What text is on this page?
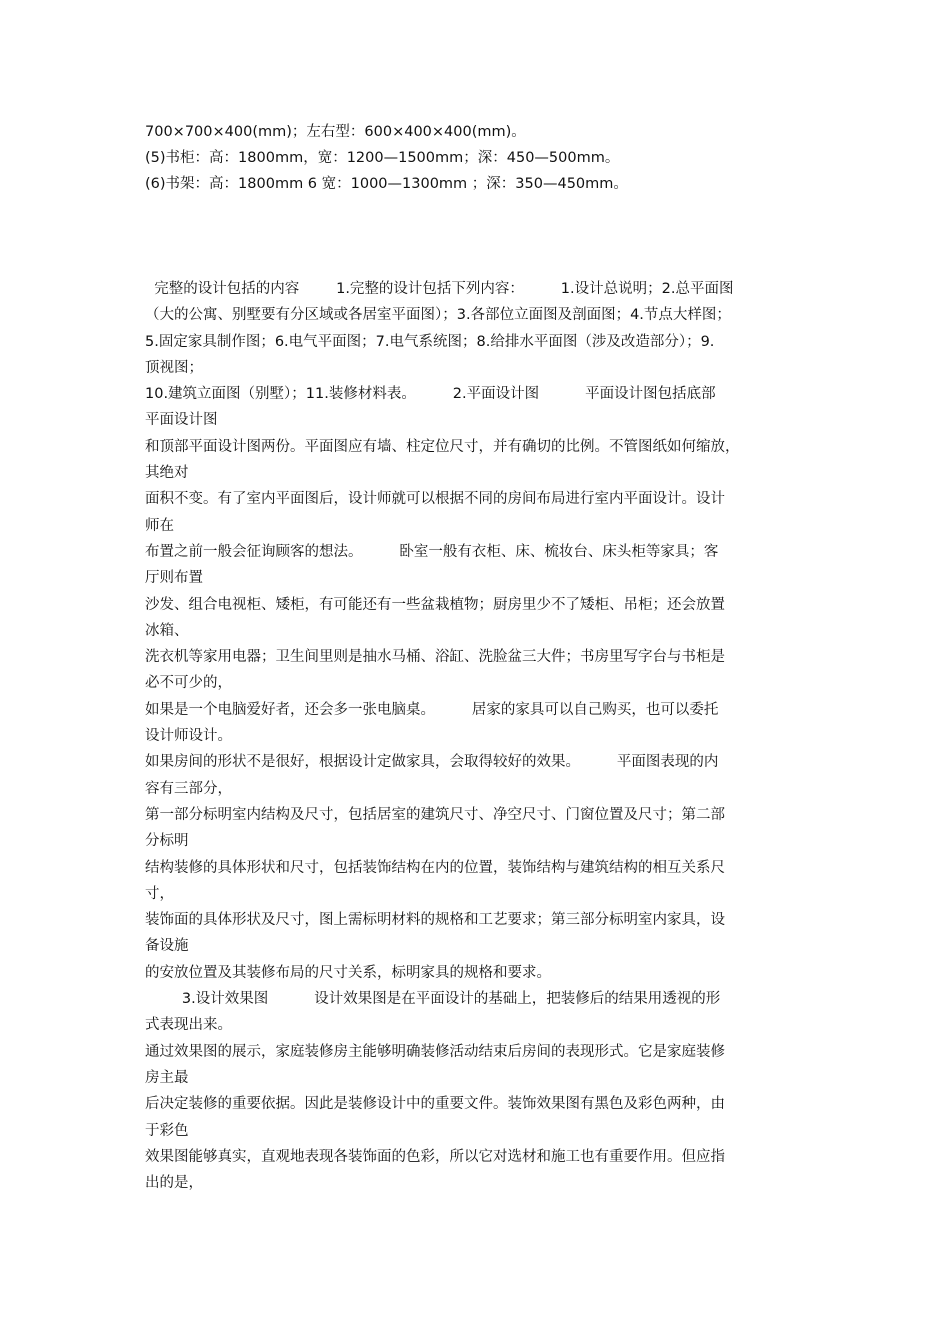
700×700×400(mm)；左右型：600×400×400(mm)。
(5)书柜：高：1800mm，宽：1200—1500mm；深：450—500mm。
(6)书架：高：1800mm 6 宽：1000—1300mm ；深：350—450mm。
完整的设计包括的内容        1.完整的设计包括下列内容：        1.设计总说明；2.总平面图
（大的公寓、别墅要有分区域或各居室平面图）；3.各部位立面图及剖面图；4.节点大样图；
5.固定家具制作图；6.电气平面图；7.电气系统图；8.给排水平面图（涉及改造部分）；9.
顶视图；
10.建筑立面图（别墅）；11.装修材料表。        2.平面设计图          平面设计图包括底部
平面设计图
和顶部平面设计图两份。平面图应有墙、柱定位尺寸，并有确切的比例。不管图纸如何缩放，
其绝对
面积不变。有了室内平面图后，设计师就可以根据不同的房间布局进行室内平面设计。设计
师在
布置之前一般会征询顾客的想法。        卧室一般有衣柜、床、梳妆台、床头柜等家具；客
厅则布置
沙发、组合电视柜、矮柜，有可能还有一些盆栽植物；厨房里少不了矮柜、吊柜；还会放置
冰箱、
洗衣机等家用电器；卫生间里则是抽水马桶、浴缸、洗脸盆三大件；书房里写字台与书柜是
必不可少的，
如果是一个电脑爱好者，还会多一张电脑桌。        居家的家具可以自己购买，也可以委托
设计师设计。
如果房间的形状不是很好，根据设计定做家具，会取得较好的效果。        平面图表现的内
容有三部分，
第一部分标明室内结构及尺寸，包括居室的建筑尺寸、净空尺寸、门窗位置及尺寸；第二部
分标明
结构装修的具体形状和尺寸，包括装饰结构在内的位置，装饰结构与建筑结构的相互关系尺
寸，
装饰面的具体形状及尺寸，图上需标明材料的规格和工艺要求；第三部分标明室内家具，设
备设施
的安放位置及其装修布局的尺寸关系，标明家具的规格和要求。
3.设计效果图          设计效果图是在平面设计的基础上，把装修后的结果用透视的形
式表现出来。
通过效果图的展示，家庭装修房主能够明确装修活动结束后房间的表现形式。它是家庭装修
房主最
后决定装修的重要依据。因此是装修设计中的重要文件。装饰效果图有黑色及彩色两种，由
于彩色
效果图能够真实，直观地表现各装饰面的色彩，所以它对选材和施工也有重要作用。但应指
出的是，
